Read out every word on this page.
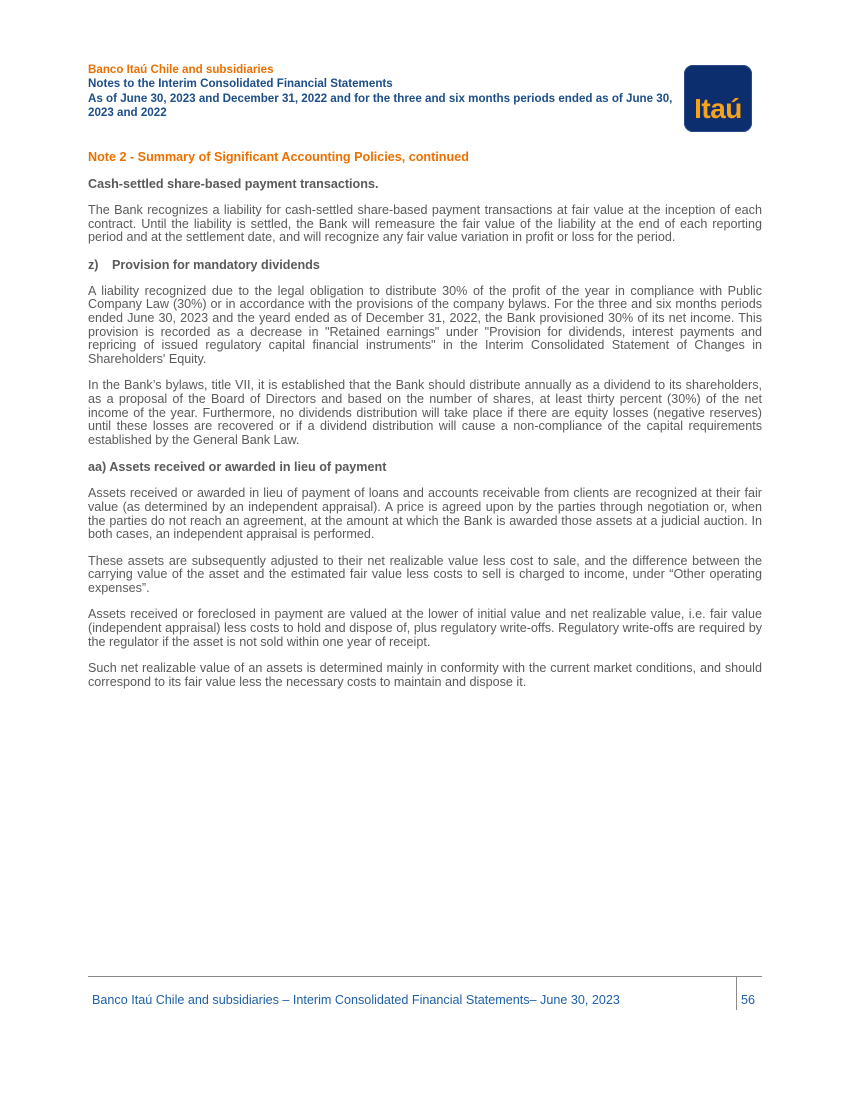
Banco Itaú Chile and subsidiaries
Notes to the Interim Consolidated Financial Statements
As of June 30, 2023 and December 31, 2022 and for the three and six months periods ended as of June 30, 2023 and 2022	Itaú
Note 2 - Summary of Significant Accounting Policies, continued
Cash-settled share-based payment transactions.

The Bank recognizes a liability for cash-settled share-based payment transactions at fair value at the inception of each contract. Until the liability is settled, the Bank will remeasure the fair value of the liability at the end of each reporting period and at the settlement date, and will recognize any fair value variation in profit or loss for the period.

z) Provision for mandatory dividends

A liability recognized due to the legal obligation to distribute 30% of the profit of the year in compliance with Public Company Law (30%) or in accordance with the provisions of the company bylaws. For the three and six months periods ended June 30, 2023 and the yeard ended as of December 31, 2022, the Bank provisioned 30% of its net income. This provision is recorded as a decrease in "Retained earnings" under "Provision for dividends, interest payments and repricing of issued regulatory capital financial instruments" in the Interim Consolidated Statement of Changes in Shareholders' Equity.

In the Bank’s bylaws, title VII, it is established that the Bank should distribute annually as a dividend to its shareholders, as a proposal of the Board of Directors and based on the number of shares, at least thirty percent (30%) of the net income of the year. Furthermore, no dividends distribution will take place if there are equity losses (negative reserves) until these losses are recovered or if a dividend distribution will cause a non-compliance of the capital requirements established by the General Bank Law.

aa) Assets received or awarded in lieu of payment

Assets received or awarded in lieu of payment of loans and accounts receivable from clients are recognized at their fair value (as determined by an independent appraisal). A price is agreed upon by the parties through negotiation or, when the parties do not reach an agreement, at the amount at which the Bank is awarded those assets at a judicial auction. In both cases, an independent appraisal is performed.

These assets are subsequently adjusted to their net realizable value less cost to sale, and the difference between the carrying value of the asset and the estimated fair value less costs to sell is charged to income, under “Other operating expenses”.

Assets received or foreclosed in payment are valued at the lower of initial value and net realizable value, i.e. fair value (independent appraisal) less costs to hold and dispose of, plus regulatory write-offs. Regulatory write-offs are required by the regulator if the asset is not sold within one year of receipt.

Such net realizable value of an assets is determined mainly in conformity with the current market conditions, and should correspond to its fair value less the necessary costs to maintain and dispose it.

Banco Itaú Chile and subsidiaries – Interim Consolidated Financial Statements– June 30, 2023	56
